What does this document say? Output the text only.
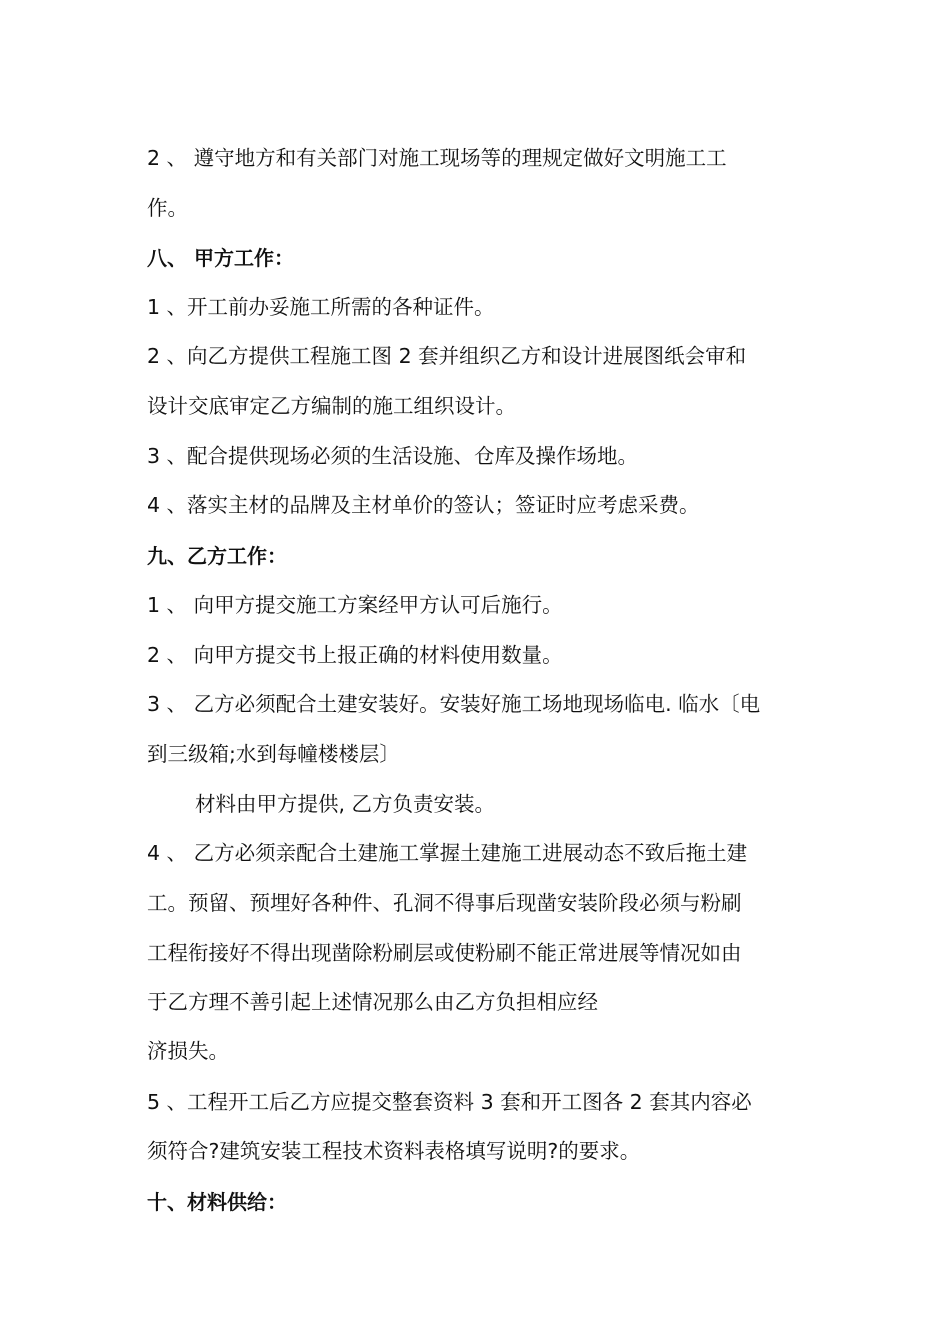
2 、 遵守地方和有关部门对施工现场等的理规定做好文明施工工

作。

八、 甲方工作：

1 、开工前办妥施工所需的各种证件。

2 、向乙方提供工程施工图 2 套并组织乙方和设计进展图纸会审和

设计交底审定乙方编制的施工组织设计。

3 、配合提供现场必须的生活设施、仓库及操作场地。

4 、落实主材的品牌及主材单价的签认；签证时应考虑采费。

九、乙方工作：

1 、 向甲方提交施工方案经甲方认可后施行。

2 、 向甲方提交书上报正确的材料使用数量。

3 、 乙方必须配合土建安装好。安装好施工场地现场临电. 临水〔电

到三级箱;水到每幢楼楼层〕

材料由甲方提供, 乙方负责安装。

4 、 乙方必须亲配合土建施工掌握土建施工进展动态不致后拖土建

工。预留、预埋好各种件、孔洞不得事后现凿安装阶段必须与粉刷

工程衔接好不得出现凿除粉刷层或使粉刷不能正常进展等情况如由

于乙方理不善引起上述情况那么由乙方负担相应经

济损失。

5 、工程开工后乙方应提交整套资料 3 套和开工图各 2 套其内容必

须符合?建筑安装工程技术资料表格填写说明?的要求。

十、材料供给：
